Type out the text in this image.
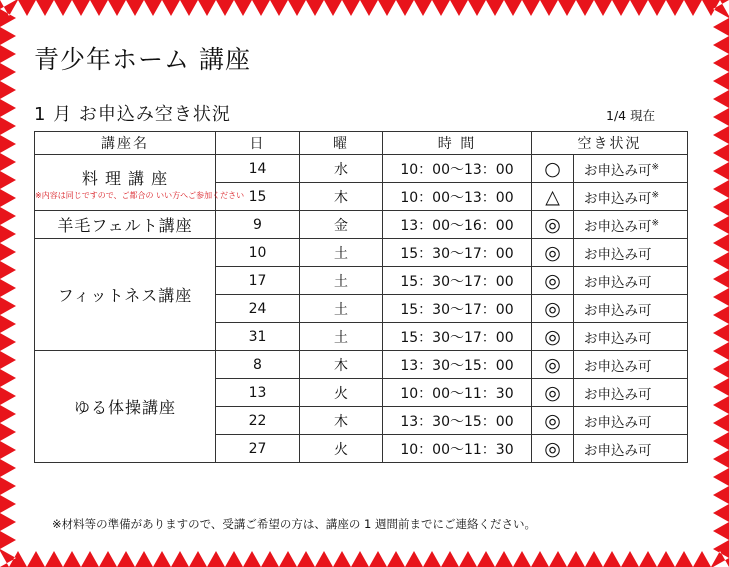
青少年ホーム 講座
1 月 お申込み空き状況	1/4 現在
講座名	日	曜	時 間	空き状況	

料 理 講 座
※内容は同じですので、ご都合の いい方へご参加ください	14	水	10：00～13：00	○	お申込み可※
	15	木	10：00～13：00	△	お申込み可※

羊毛フェルト講座	9	金	13：00～16：00	◎	お申込み可※

フィットネス講座	10	土	15：30～17：00	◎	お申込み可
	17	土	15：30～17：00	◎	お申込み可
	24	土	15：30～17：00	◎	お申込み可
	31	土	15：30～17：00	◎	お申込み可

ゆる体操講座	8	木	13：30～15：00	◎	お申込み可
	13	火	10：00～11：30	◎	お申込み可
	22	木	13：30～15：00	◎	お申込み可
	27	火	10：00～11：30	◎	お申込み可
※材料等の準備がありますので、受講ご希望の方は、講座の 1 週間前までにご連絡ください。
